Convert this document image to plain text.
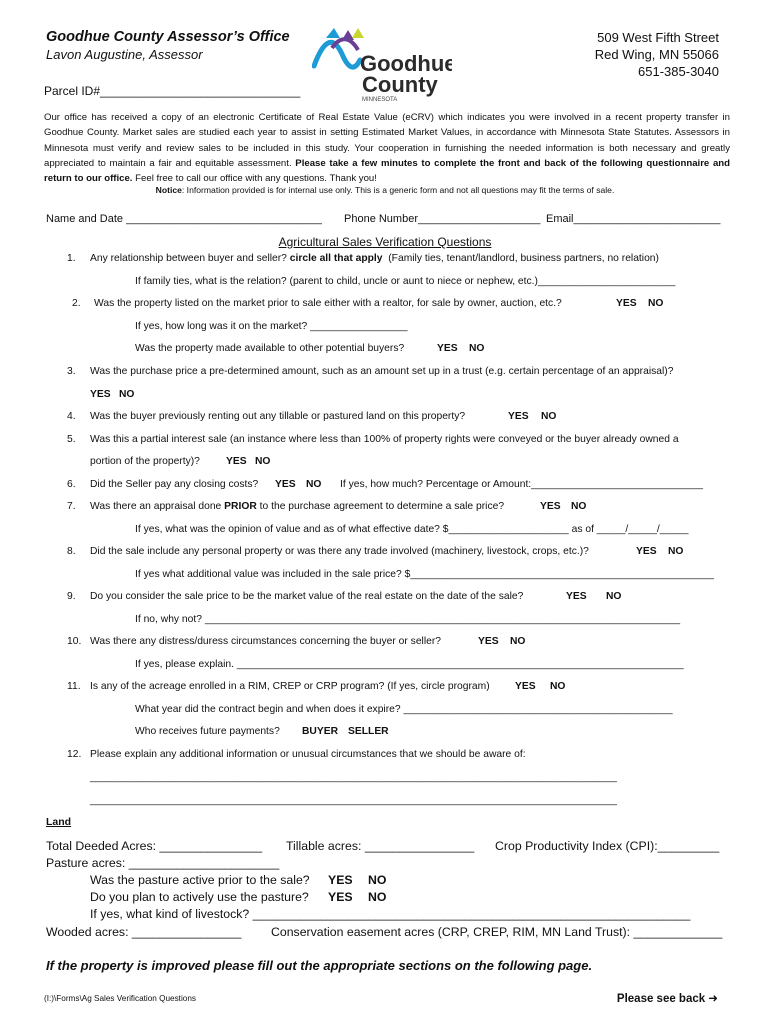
Goodhue County Assessor’s Office
Lavon Augustine, Assessor
509 West Fifth Street
Red Wing, MN 55066
651-385-3040
Goodhue
County
MINNESOTA
Parcel ID#______________________________
Our office has received a copy of an electronic Certificate of Real Estate Value (eCRV) which indicates you were involved in a recent property transfer in Goodhue County. Market sales are studied each year to assist in setting Estimated Market Values, in accordance with Minnesota State Statutes. Assessors in Minnesota must verify and review sales to be included in this study. Your cooperation in furnishing the needed information is both necessary and greatly appreciated to maintain a fair and equitable assessment. Please take a few minutes to complete the front and back of the following questionnaire and return to our office. Feel free to call our office with any questions. Thank you!
Notice: Information provided is for internal use only. This is a generic form and not all questions may fit the terms of sale.
Name and Date ________________________________ Phone Number____________________ Email________________________
Agricultural Sales Verification Questions
1. Any relationship between buyer and seller? circle all that apply (Family ties, tenant/landlord, business partners, no relation)
If family ties, what is the relation? (parent to child, uncle or aunt to niece or nephew, etc.)________________________
2. Was the property listed on the market prior to sale either with a realtor, for sale by owner, auction, etc.?	YES NO
If yes, how long was it on the market? _________________
Was the property made available to other potential buyers?	YES NO
3. Was the purchase price a pre-determined amount, such as an amount set up in a trust (e.g. certain percentage of an appraisal)?
YES NO
4. Was the buyer previously renting out any tillable or pastured land on this property?	YES NO
5. Was this a partial interest sale (an instance where less than 100% of property rights were conveyed or the buyer already owned a
portion of the property)?	YES NO
6. Did the Seller pay any closing costs? YES NO If yes, how much? Percentage or Amount:______________________________
7. Was there an appraisal done PRIOR to the purchase agreement to determine a sale price?	YES NO
If yes, what was the opinion of value and as of what effective date? $_____________________ as of _____/_____/_____
8. Did the sale include any personal property or was there any trade involved (machinery, livestock, crops, etc.)?	YES NO
If yes what additional value was included in the sale price? $_____________________________________________________
9. Do you consider the sale price to be the market value of the real estate on the date of the sale?	YES NO
If no, why not? ___________________________________________________________________________________
10. Was there any distress/duress circumstances concerning the buyer or seller?	YES NO
If yes, please explain. ______________________________________________________________________________
11. Is any of the acreage enrolled in a RIM, CREP or CRP program? (If yes, circle program) YES NO
What year did the contract begin and when does it expire? _______________________________________________
Who receives future payments? BUYER SELLER
12. Please explain any additional information or unusual circumstances that we should be aware of:
____________________________________________________________________________________________
____________________________________________________________________________________________
Land
Total Deeded Acres: _______________ Tillable acres: ________________ Crop Productivity Index (CPI):_________
Pasture acres: ______________________
Was the pasture active prior to the sale? YES NO
Do you plan to actively use the pasture? YES NO
If yes, what kind of livestock? ________________________________________________________________
Wooded acres: ________________ Conservation easement acres (CRP, CREP, RIM, MN Land Trust): _____________
If the property is improved please fill out the appropriate sections on the following page.
(I:)\Forms\Ag Sales Verification Questions	Please see back ➜
